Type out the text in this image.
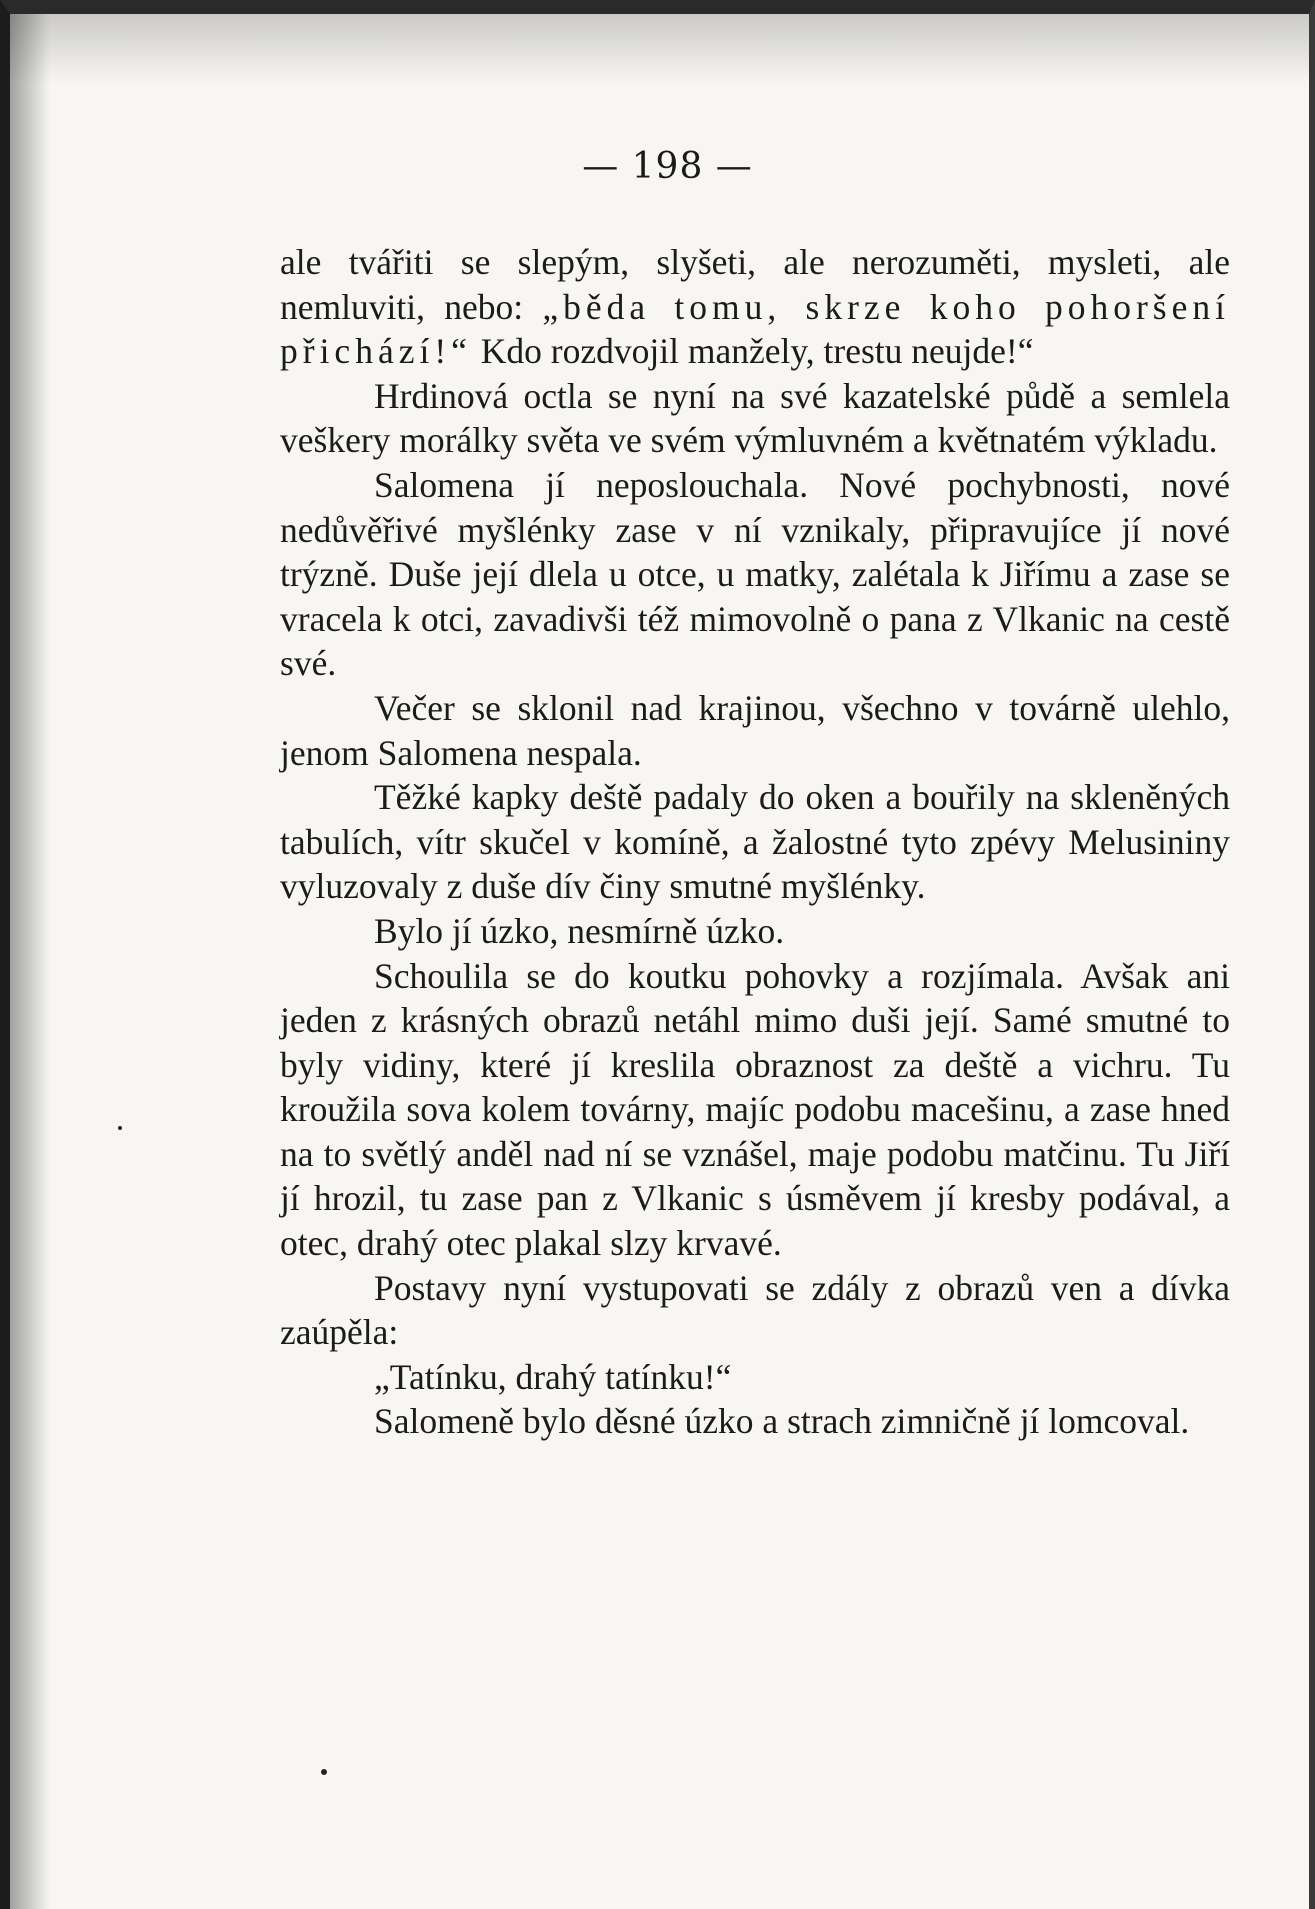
— 198 —

ale tvářiti se slepým, slyšeti, ale nerozuměti, mysleti, ale nemluviti, nebo: „běda tomu, skrze koho pohoršení přichází!“ Kdo rozdvojil manžely, trestu neujde!“

Hrdinová octla se nyní na své kazatelské půdě a semlela veškery morálky světa ve svém výmluvném a květnatém výkladu.

Salomena jí neposlouchala. Nové pochybnosti, nové nedůvěřivé myšlénky zase v ní vznikaly, připravujíce jí nové trýzně. Duše její dlela u otce, u matky, zalétala k Jiřímu a zase se vracela k otci, zavadivši též mimovolně o pana z Vlkanic na cestě své.

Večer se sklonil nad krajinou, všechno v továrně ulehlo, jenom Salomena nespala.

Těžké kapky deště padaly do oken a bouřily na skleněných tabulích, vítr skučel v komíně, a žalostné tyto zpévy Melusininy vyluzovaly z duše dív činy smutné myšlénky.

Bylo jí úzko, nesmírně úzko.

Schoulila se do koutku pohovky a rozjímala. Avšak ani jeden z krásných obrazů netáhl mimo duši její. Samé smutné to byly vidiny, které jí kreslila obraznost za deště a vichru. Tu kroužila sova kolem továrny, majíc podobu macešinu, a zase hned na to světlý anděl nad ní se vznášel, maje podobu matčinu. Tu Jiří jí hrozil, tu zase pan z Vlkanic s úsměvem jí kresby podával, a otec, drahý otec plakal slzy krvavé.

Postavy nyní vystupovati se zdály z obrazů ven a dívka zaúpěla:

„Tatínku, drahý tatínku!“

Salomeně bylo děsné úzko a strach zimničně jí lomcoval.
